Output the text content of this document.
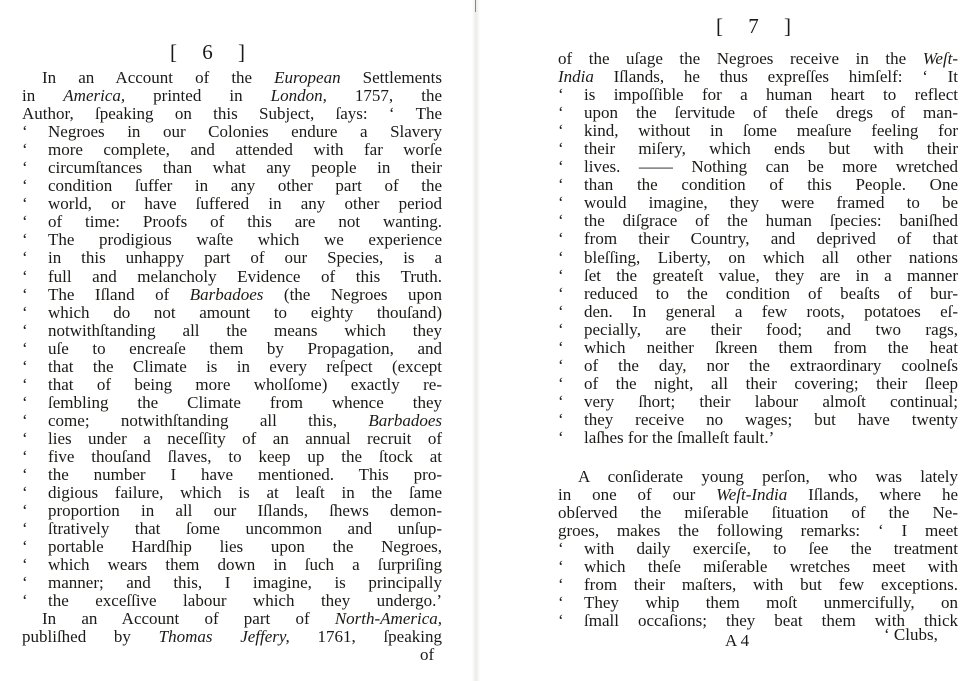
[ 6 ]
In an Account of the European Settlements
in America, printed in London, 1757, the
Author, ſpeaking on this Subject, ſays: ‘ The
‘ Negroes in our Colonies endure a Slavery
‘ more complete, and attended with far worſe
‘ circumſtances than what any people in their
‘ condition ſuffer in any other part of the
‘ world, or have ſuffered in any other period
‘ of time: Proofs of this are not wanting.
‘ The prodigious waſte which we experience
‘ in this unhappy part of our Species, is a
‘ full and melancholy Evidence of this Truth.
‘ The Iſland of Barbadoes (the Negroes upon
‘ which do not amount to eighty thouſand)
‘ notwithſtanding all the means which they
‘ uſe to encreaſe them by Propagation, and
‘ that the Climate is in every reſpect (except
‘ that of being more wholſome) exactly re-
‘ ſembling the Climate from whence they
‘ come; notwithſtanding all this, Barbadoes
‘ lies under a neceſſity of an annual recruit of
‘ five thouſand ſlaves, to keep up the ſtock at
‘ the number I have mentioned. This pro-
‘ digious failure, which is at leaſt in the ſame
‘ proportion in all our Iſlands, ſhews demon-
‘ ſtratively that ſome uncommon and unſup-
‘ portable Hardſhip lies upon the Negroes,
‘ which wears them down in ſuch a ſurpriſing
‘ manner; and this, I imagine, is principally
‘ the exceſſive labour which they undergo.’
In an Account of part of North-America,
publiſhed by Thomas Jeffery, 1761, ſpeaking
[ 7 ]
of the uſage the Negroes receive in the Weſt-
India Iſlands, he thus expreſſes himſelf: ‘ It
‘ is impoſſible for a human heart to reflect
‘ upon the ſervitude of theſe dregs of man-
‘ kind, without in ſome meaſure feeling for
‘ their miſery, which ends but with their
‘ lives. —— Nothing can be more wretched
‘ than the condition of this People. One
‘ would imagine, they were framed to be
‘ the diſgrace of the human ſpecies: baniſhed
‘ from their Country, and deprived of that
‘ bleſſing, Liberty, on which all other nations
‘ ſet the greateſt value, they are in a manner
‘ reduced to the condition of beaſts of bur-
‘ den. In general a few roots, potatoes eſ-
‘ pecially, are their food; and two rags,
‘ which neither ſkreen them from the heat
‘ of the day, nor the extraordinary coolneſs
‘ of the night, all their covering; their ſleep
‘ very ſhort; their labour almoſt continual;
‘ they receive no wages; but have twenty
‘ laſhes for the ſmalleſt fault.’
A conſiderate young perſon, who was lately
in one of our Weſt-India Iſlands, where he
obſerved the miſerable ſituation of the Ne-
groes, makes the following remarks: ‘ I meet
‘ with daily exerciſe, to ſee the treatment
‘ which theſe miſerable wretches meet with
‘ from their maſters, with but few exceptions.
‘ They whip them moſt unmercifully, on
‘ ſmall occaſions; they beat them with thick
of
A 4	‘ Clubs,
